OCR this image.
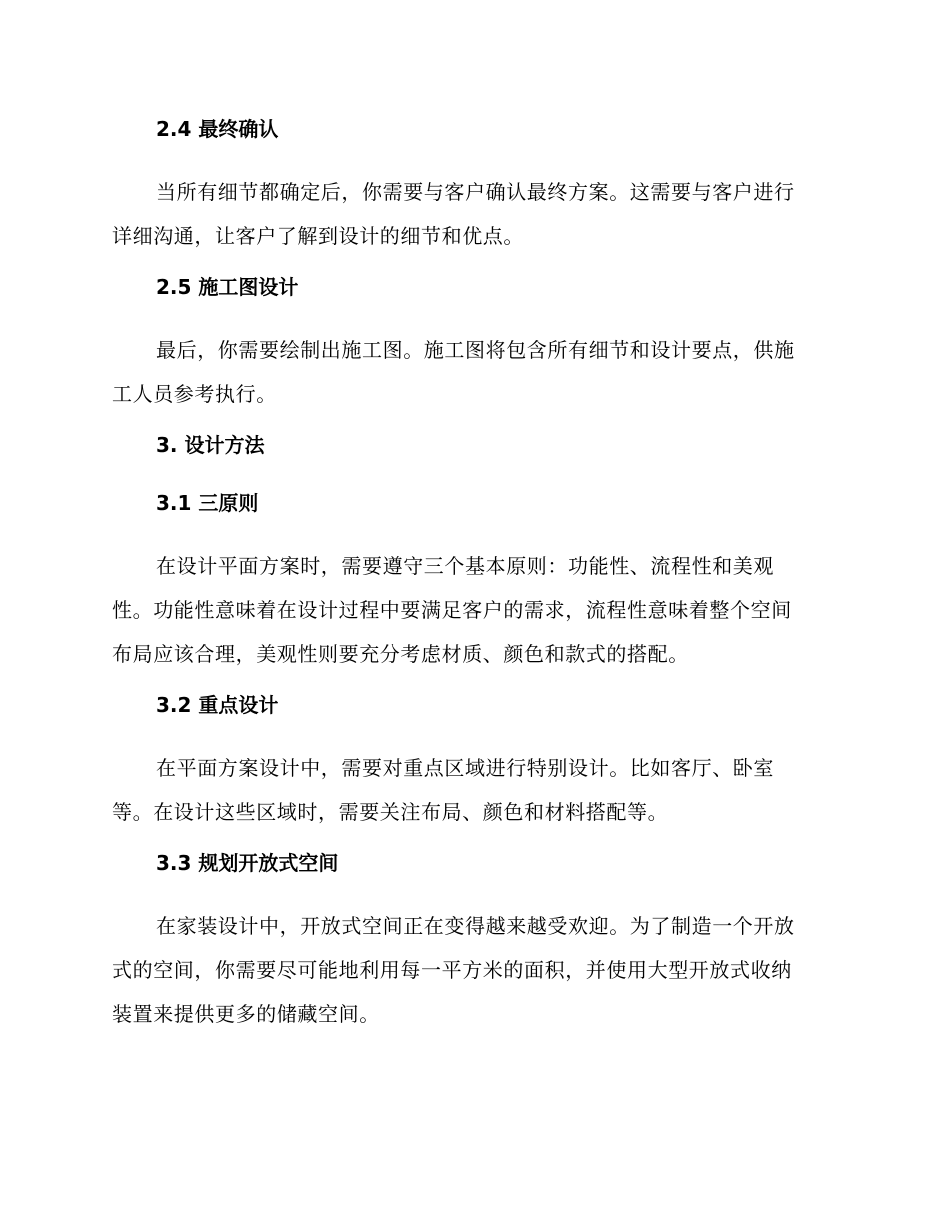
2.4 最终确认
当所有细节都确定后，你需要与客户确认最终方案。这需要与客户进行
详细沟通，让客户了解到设计的细节和优点。
2.5 施工图设计
最后，你需要绘制出施工图。施工图将包含所有细节和设计要点，供施
工人员参考执行。
3. 设计方法
3.1 三原则
在设计平面方案时，需要遵守三个基本原则：功能性、流程性和美观
性。功能性意味着在设计过程中要满足客户的需求，流程性意味着整个空间
布局应该合理，美观性则要充分考虑材质、颜色和款式的搭配。
3.2 重点设计
在平面方案设计中，需要对重点区域进行特别设计。比如客厅、卧室
等。在设计这些区域时，需要关注布局、颜色和材料搭配等。
3.3 规划开放式空间
在家装设计中，开放式空间正在变得越来越受欢迎。为了制造一个开放
式的空间，你需要尽可能地利用每一平方米的面积，并使用大型开放式收纳
装置来提供更多的储藏空间。
